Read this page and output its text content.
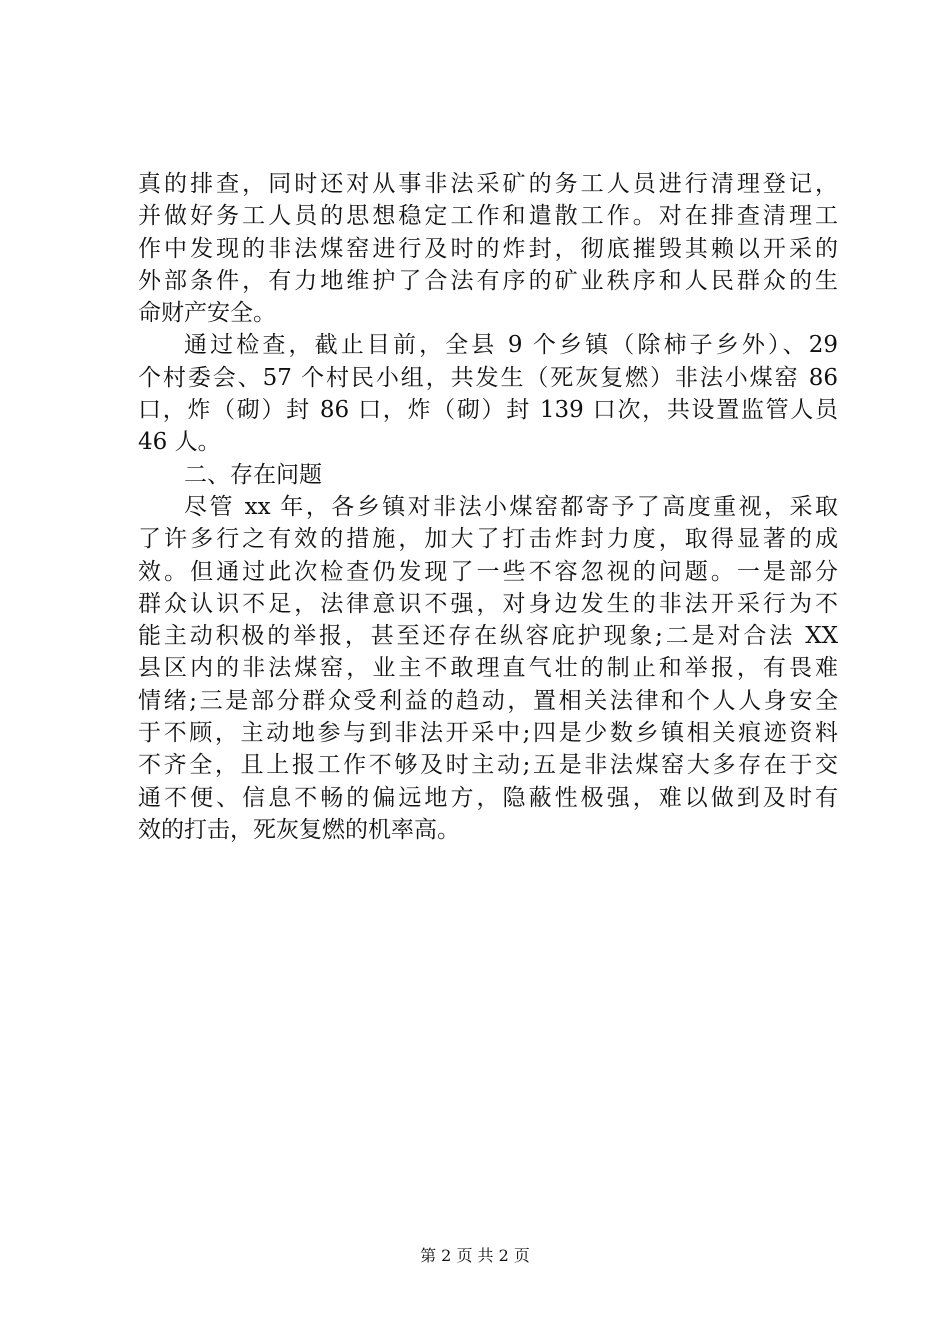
真的排查，同时还对从事非法采矿的务工人员进行清理登记，
并做好务工人员的思想稳定工作和遣散工作。对在排查清理工
作中发现的非法煤窑进行及时的炸封，彻底摧毁其赖以开采的
外部条件，有力地维护了合法有序的矿业秩序和人民群众的生
命财产安全。
通过检查，截止目前，全县 9 个乡镇（除柿子乡外）、29
个村委会、57 个村民小组，共发生（死灰复燃）非法小煤窑 86
口，炸（砌）封 86 口，炸（砌）封 139 口次，共设置监管人员
46 人。
二、存在问题
尽管 xx 年，各乡镇对非法小煤窑都寄予了高度重视，采取
了许多行之有效的措施，加大了打击炸封力度，取得显著的成
效。但通过此次检查仍发现了一些不容忽视的问题。一是部分
群众认识不足，法律意识不强，对身边发生的非法开采行为不
能主动积极的举报，甚至还存在纵容庇护现象;二是对合法 XX
县区内的非法煤窑，业主不敢理直气壮的制止和举报，有畏难
情绪;三是部分群众受利益的趋动，置相关法律和个人人身安全
于不顾，主动地参与到非法开采中;四是少数乡镇相关痕迹资料
不齐全，且上报工作不够及时主动;五是非法煤窑大多存在于交
通不便、信息不畅的偏远地方，隐蔽性极强，难以做到及时有
效的打击，死灰复燃的机率高。
第 2 页 共 2 页
